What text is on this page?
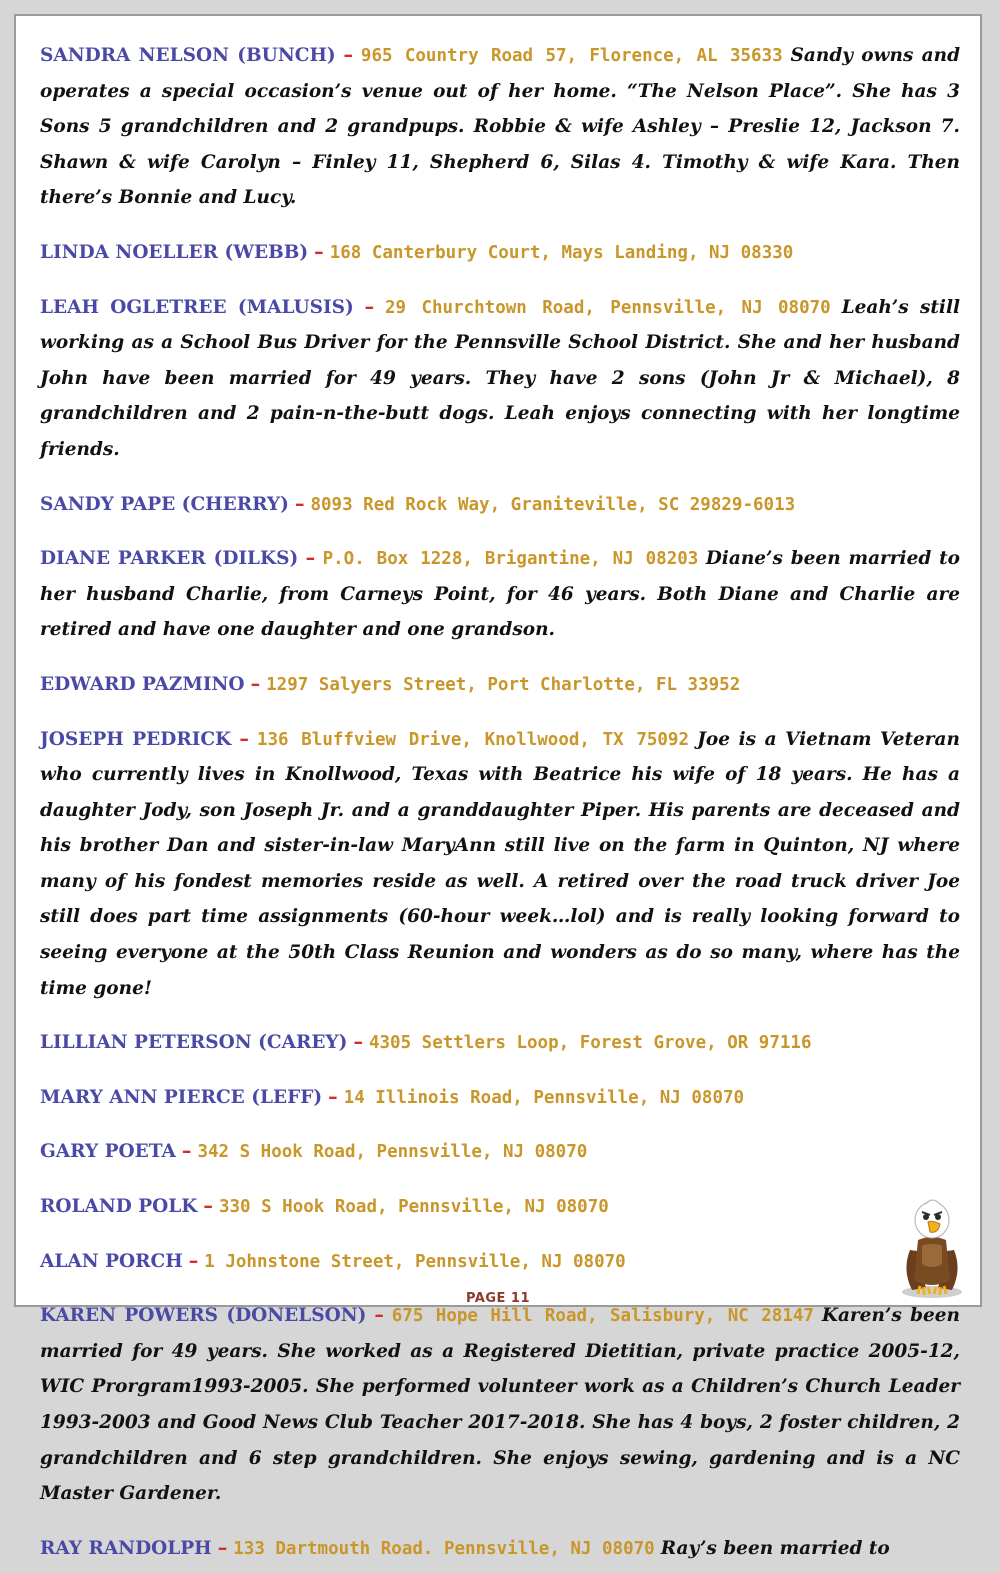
SANDRA NELSON (BUNCH) – 965 Country Road 57, Florence, AL 35633 Sandy owns and operates a special occasion’s venue out of her home. “The Nelson Place”. She has 3 Sons 5 grandchildren and 2 grandpups. Robbie & wife Ashley – Preslie 12, Jackson 7. Shawn & wife Carolyn – Finley 11, Shepherd 6, Silas 4. Timothy & wife Kara. Then there’s Bonnie and Lucy.

LINDA NOELLER (WEBB) – 168 Canterbury Court, Mays Landing, NJ 08330

LEAH OGLETREE (MALUSIS) – 29 Churchtown Road, Pennsville, NJ 08070 Leah’s still working as a School Bus Driver for the Pennsville School District. She and her husband John have been married for 49 years. They have 2 sons (John Jr & Michael), 8 grandchildren and 2 pain-n-the-butt dogs. Leah enjoys connecting with her longtime friends.

SANDY PAPE (CHERRY) – 8093 Red Rock Way, Graniteville, SC 29829-6013

DIANE PARKER (DILKS) – P.O. Box 1228, Brigantine, NJ 08203 Diane’s been married to her husband Charlie, from Carneys Point, for 46 years. Both Diane and Charlie are retired and have one daughter and one grandson.

EDWARD PAZMINO – 1297 Salyers Street, Port Charlotte, FL 33952

JOSEPH PEDRICK – 136 Bluffview Drive, Knollwood, TX 75092 Joe is a Vietnam Veteran who currently lives in Knollwood, Texas with Beatrice his wife of 18 years. He has a daughter Jody, son Joseph Jr. and a granddaughter Piper. His parents are deceased and his brother Dan and sister-in-law MaryAnn still live on the farm in Quinton, NJ where many of his fondest memories reside as well. A retired over the road truck driver Joe still does part time assignments (60-hour week…lol) and is really looking forward to seeing everyone at the 50th Class Reunion and wonders as do so many, where has the time gone!

LILLIAN PETERSON (CAREY) – 4305 Settlers Loop, Forest Grove, OR 97116

MARY ANN PIERCE (LEFF) – 14 Illinois Road, Pennsville, NJ 08070

GARY POETA – 342 S Hook Road, Pennsville, NJ 08070

ROLAND POLK – 330 S Hook Road, Pennsville, NJ 08070

ALAN PORCH – 1 Johnstone Street, Pennsville, NJ 08070

KAREN POWERS (DONELSON) – 675 Hope Hill Road, Salisbury, NC 28147 Karen’s been married for 49 years. She worked as a Registered Dietitian, private practice 2005-12, WIC Prorgram1993-2005. She performed volunteer work as a Children’s Church Leader 1993-2003 and Good News Club Teacher 2017-2018. She has 4 boys, 2 foster children, 2 grandchildren and 6 step grandchildren. She enjoys sewing, gardening and is a NC Master Gardener.

RAY RANDOLPH – 133 Dartmouth Road. Pennsville, NJ 08070 Ray’s been married to

PAGE 11
